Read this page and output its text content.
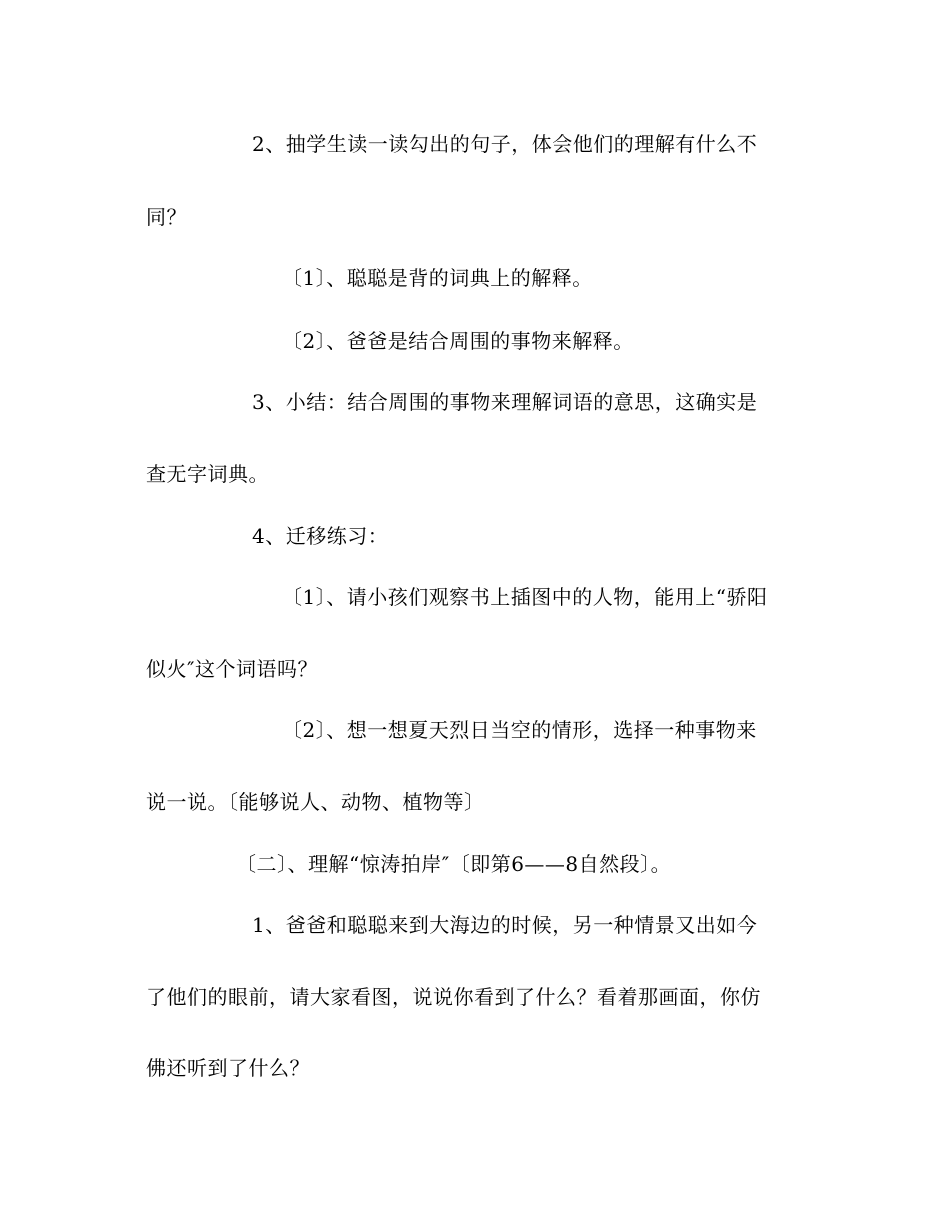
2、抽学生读一读勾出的句子，体会他们的理解有什么不
同？
〔1〕、聪聪是背的词典上的解释。
〔2〕、爸爸是结合周围的事物来解释。
3、小结：结合周围的事物来理解词语的意思，这确实是
查无字词典。
4、迁移练习：
〔1〕、请小孩们观察书上插图中的人物，能用上“骄阳
似火″这个词语吗？
〔2〕、想一想夏天烈日当空的情形，选择一种事物来
说一说。〔能够说人、动物、植物等〕
〔二〕、理解“惊涛拍岸″〔即第6——8自然段〕。
1、爸爸和聪聪来到大海边的时候，另一种情景又出如今
了他们的眼前，请大家看图，说说你看到了什么？看着那画面，你仿
佛还听到了什么？
